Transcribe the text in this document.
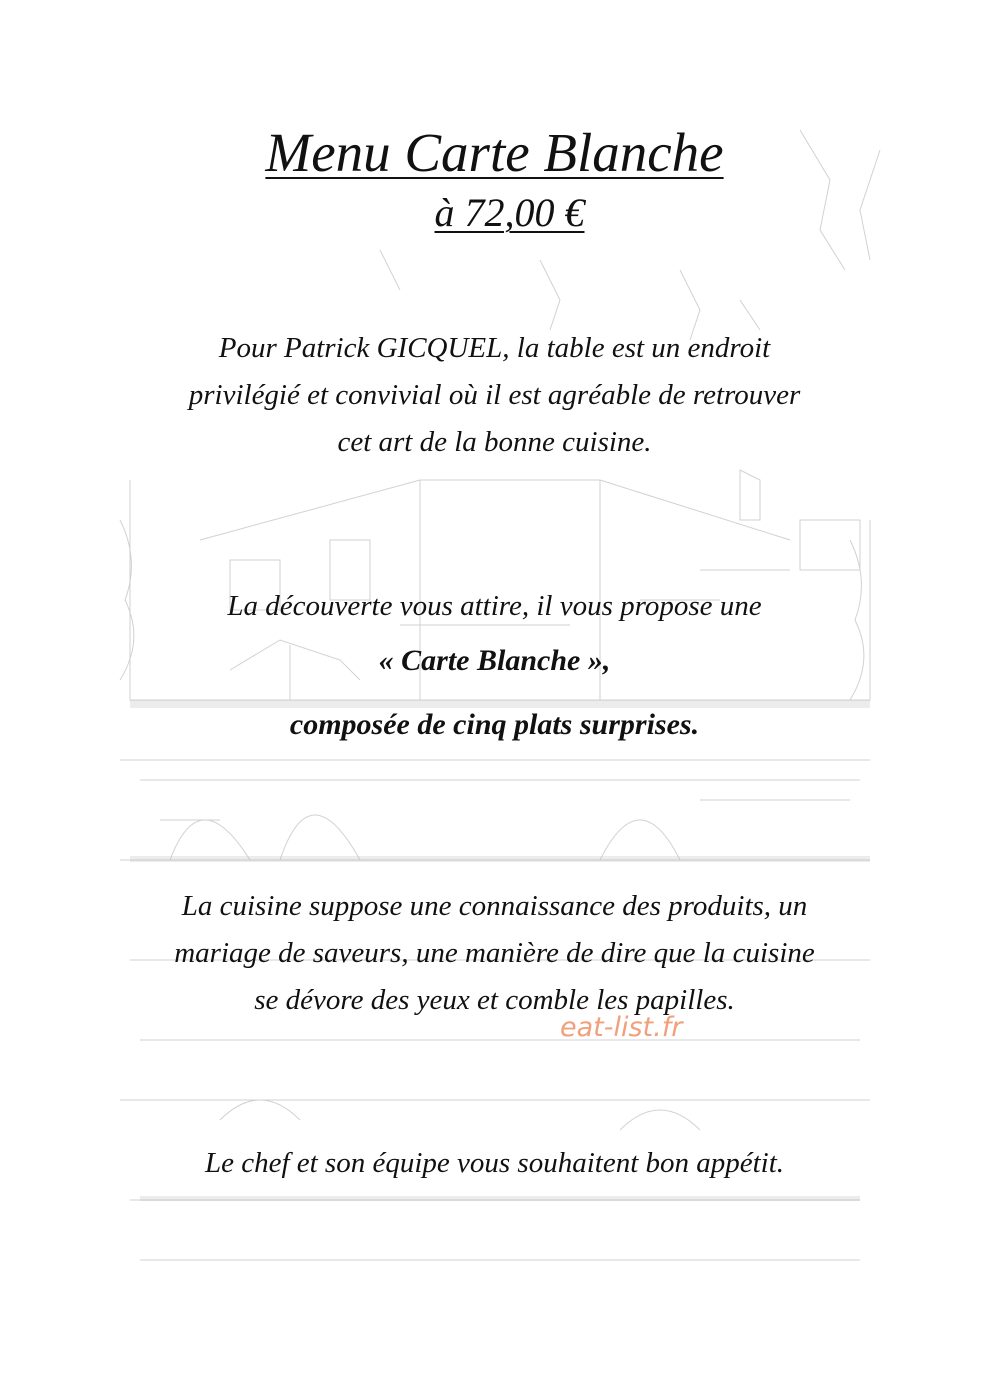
Menu Carte Blanche
à 72,00 €
Pour Patrick GICQUEL, la table est un endroit
privilégié et convivial où il est agréable de retrouver
cet art de la bonne cuisine.
La découverte vous attire, il vous propose une
« Carte Blanche »,
composée de cinq plats surprises.
La cuisine suppose une connaissance des produits, un
mariage de saveurs, une manière de dire que la cuisine
se dévore des yeux et comble les papilles.
eat-list.fr
Le chef et son équipe vous souhaitent bon appétit.
